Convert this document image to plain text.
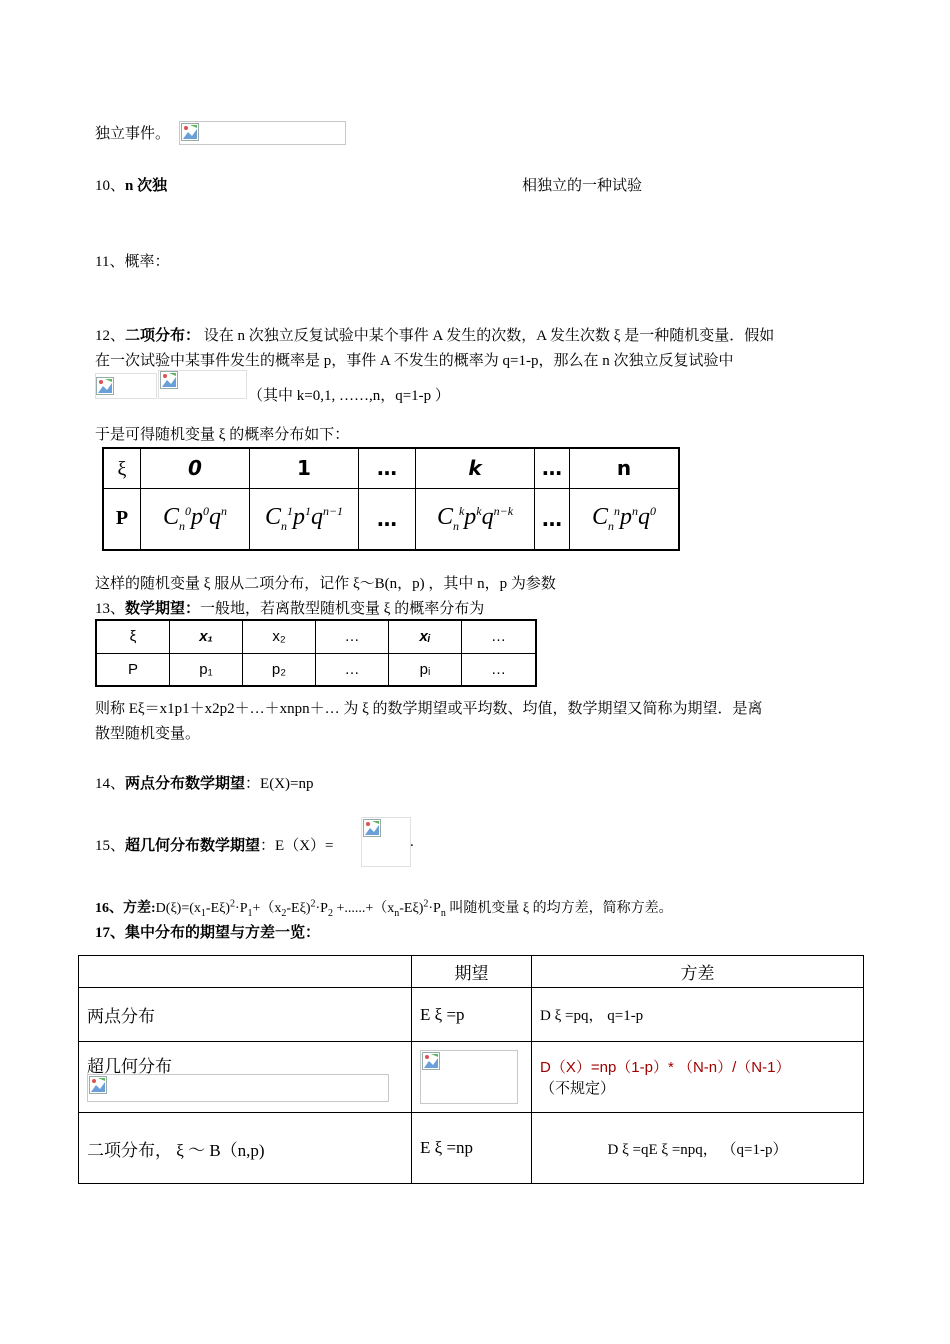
独立事件。
10、n 次独	相独立的一种试验
11、概率：
12、二项分布： 设在 n 次独立反复试验中某个事件 A 发生的次数，A 发生次数 ξ 是一种随机变量．假如
在一次试验中某事件发生的概率是 p，事件 A 不发生的概率为 q=1-p，那么在 n 次独立反复试验中
（其中 k=0,1, ……,n，q=1-p ）
于是可得随机变量 ξ 的概率分布如下：
ξ	0	1	…	k	…	n
P	$C_n^0p^0q^n$	$C_n^1p^1q^{n-1}$	…	$C_n^kp^kq^{n-k}$	…	$C_n^np^nq^0$
这样的随机变量 ξ 服从二项分布，记作 ξ～B(n，p) ，其中 n，p 为参数
13、数学期望：一般地，若离散型随机变量 ξ 的概率分布为
ξ	x₁	x₂	…	xᵢ	…
P	p₁	p₂	…	pᵢ	…
则称 Eξ＝x1p1＋x2p2＋…＋xnpn＋… 为 ξ 的数学期望或平均数、均值，数学期望又简称为期望．是离
散型随机变量。
14、两点分布数学期望：E(X)=np
15、超几何分布数学期望：E（X）=	.
16、方差$:D(\xi)=(x_1-E\xi)^2\cdot P_1+(x_2-E\xi)^2\cdot P_2 +......+(x_n-E\xi)^2\cdot P_n$ 叫随机变量 ξ 的均方差，简称方差。
17、集中分布的期望与方差一览：
	期望	方差
两点分布	E ξ =p	D ξ =pq， q=1-p
超几何分布		D（X）=np（1-p）* （N-n）/（N-1）
（不规定）

二项分布， ξ ～ B（n,p)	E ξ =np	D ξ =qE ξ =npq， （q=1-p）
